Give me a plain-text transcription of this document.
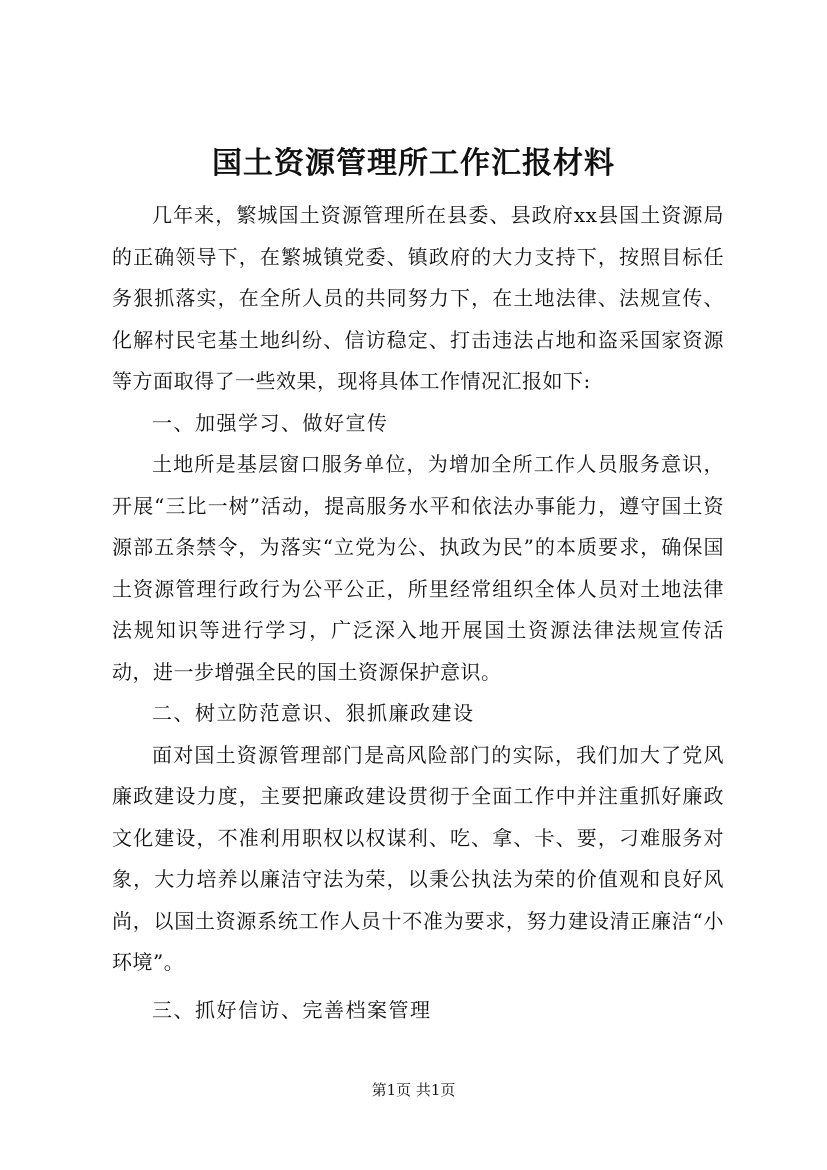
国土资源管理所工作汇报材料

几年来，繁城国土资源管理所在县委、县政府xx县国土资源局的正确领导下，在繁城镇党委、镇政府的大力支持下，按照目标任务狠抓落实，在全所人员的共同努力下，在土地法律、法规宣传、化解村民宅基土地纠纷、信访稳定、打击违法占地和盗采国家资源等方面取得了一些效果，现将具体工作情况汇报如下:

一、加强学习、做好宣传

土地所是基层窗口服务单位，为增加全所工作人员服务意识，开展“三比一树”活动，提高服务水平和依法办事能力，遵守国土资源部五条禁令，为落实“立党为公、执政为民”的本质要求，确保国土资源管理行政行为公平公正，所里经常组织全体人员对土地法律法规知识等进行学习，广泛深入地开展国土资源法律法规宣传活动，进一步增强全民的国土资源保护意识。

二、树立防范意识、狠抓廉政建设

面对国土资源管理部门是高风险部门的实际，我们加大了党风廉政建设力度，主要把廉政建设贯彻于全面工作中并注重抓好廉政文化建设，不准利用职权以权谋利、吃、拿、卡、要，刁难服务对象，大力培养以廉洁守法为荣，以秉公执法为荣的价值观和良好风尚，以国土资源系统工作人员十不准为要求，努力建设清正廉洁“小环境”。

三、抓好信访、完善档案管理

第1页 共1页
